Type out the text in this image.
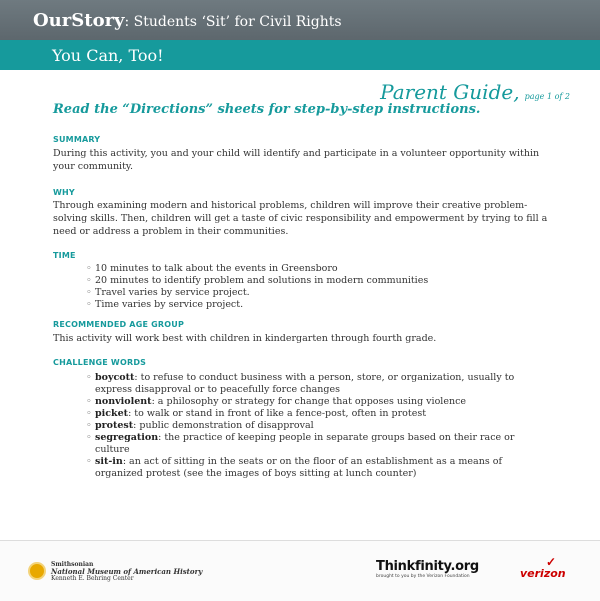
OurStory: Students ‘Sit’ for Civil Rights
You Can, Too!
Parent Guide, page 1 of 2
Read the “Directions” sheets for step-by-step instructions.
SUMMARY

During this activity, you and your child will identify and participate in a volunteer opportunity within your community.

WHY

Through examining modern and historical problems, children will improve their creative problem-solving skills. Then, children will get a taste of civic responsibility and empowerment by trying to fill a need or address a problem in their communities.

TIME
◦ 10 minutes to talk about the events in Greensboro
◦ 20 minutes to identify problem and solutions in modern communities
◦ Travel varies by service project.
◦ Time varies by service project.
RECOMMENDED AGE GROUP

This activity will work best with children in kindergarten through fourth grade.

CHALLENGE WORDS
◦ boycott: to refuse to conduct business with a person, store, or organization, usually to express disapproval or to peacefully force changes
◦ nonviolent: a philosophy or strategy for change that opposes using violence
◦ picket: to walk or stand in front of like a fence-post, often in protest
◦ protest: public demonstration of disapproval
◦ segregation: the practice of keeping people in separate groups based on their race or culture
◦ sit-in: an act of sitting in the seats or on the floor of an establishment as a means of organized protest (see the images of boys sitting at lunch counter)
Smithsonian
National Museum of American History
Kenneth E. Behring Center
Thinkfinity.org
brought to you by the Verizon Foundation
✓
verizon
